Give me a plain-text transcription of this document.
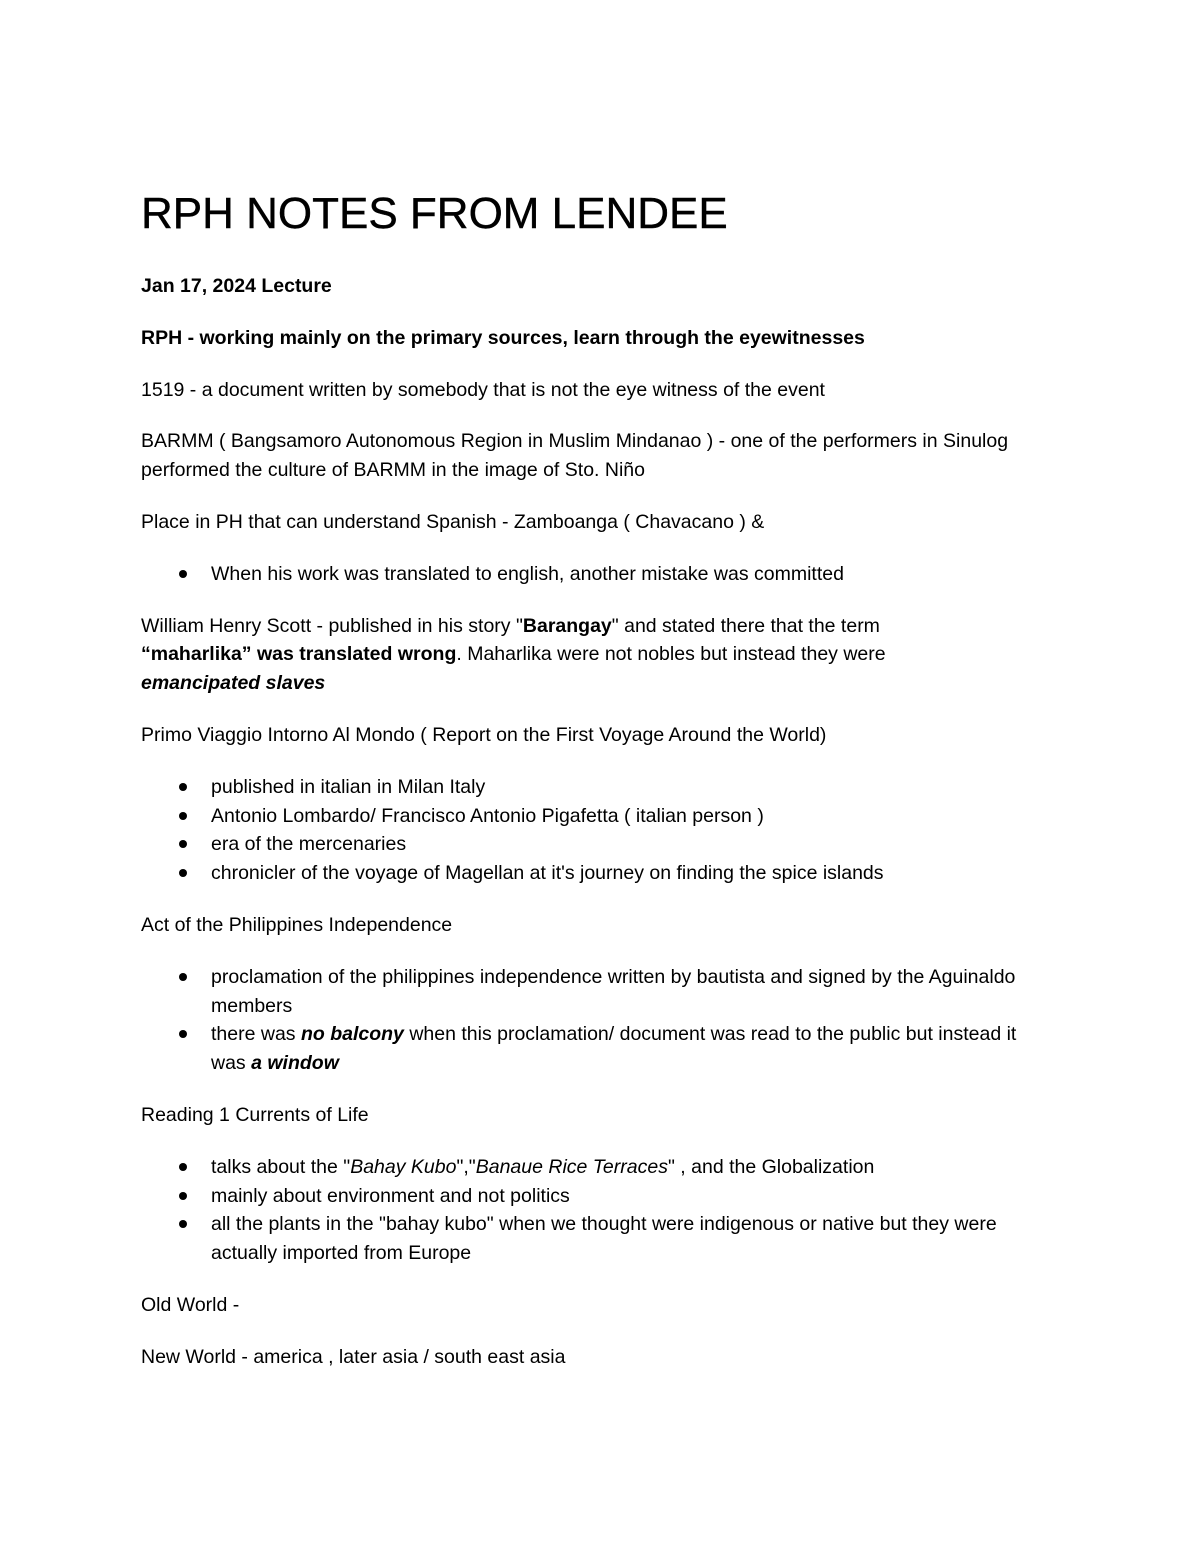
RPH NOTES FROM LENDEE

Jan 17, 2024 Lecture

RPH - working mainly on the primary sources, learn through the eyewitnesses

1519 - a document written by somebody that is not the eye witness of the event

BARMM ( Bangsamoro Autonomous Region in Muslim Mindanao ) - one of the performers in Sinulog performed the culture of BARMM in the image of Sto. Niño

Place in PH that can understand Spanish - Zamboanga ( Chavacano ) &

When his work was translated to english, another mistake was committed

William Henry Scott - published in his story "Barangay" and stated there that the term
“maharlika” was translated wrong. Maharlika were not nobles but instead they were
emancipated slaves

Primo Viaggio Intorno Al Mondo ( Report on the First Voyage Around the World)

published in italian in Milan Italy
Antonio Lombardo/ Francisco Antonio Pigafetta ( italian person )
era of the mercenaries
chronicler of the voyage of Magellan at it's journey on finding the spice islands

Act of the Philippines Independence

proclamation of the philippines independence written by bautista and signed by the Aguinaldo members
there was no balcony when this proclamation/ document was read to the public but instead it was a window

Reading 1 Currents of Life

talks about the "Bahay Kubo","Banaue Rice Terraces" , and the Globalization
mainly about environment and not politics
all the plants in the "bahay kubo" when we thought were indigenous or native but they were actually imported from Europe

Old World -

New World - america , later asia / south east asia
